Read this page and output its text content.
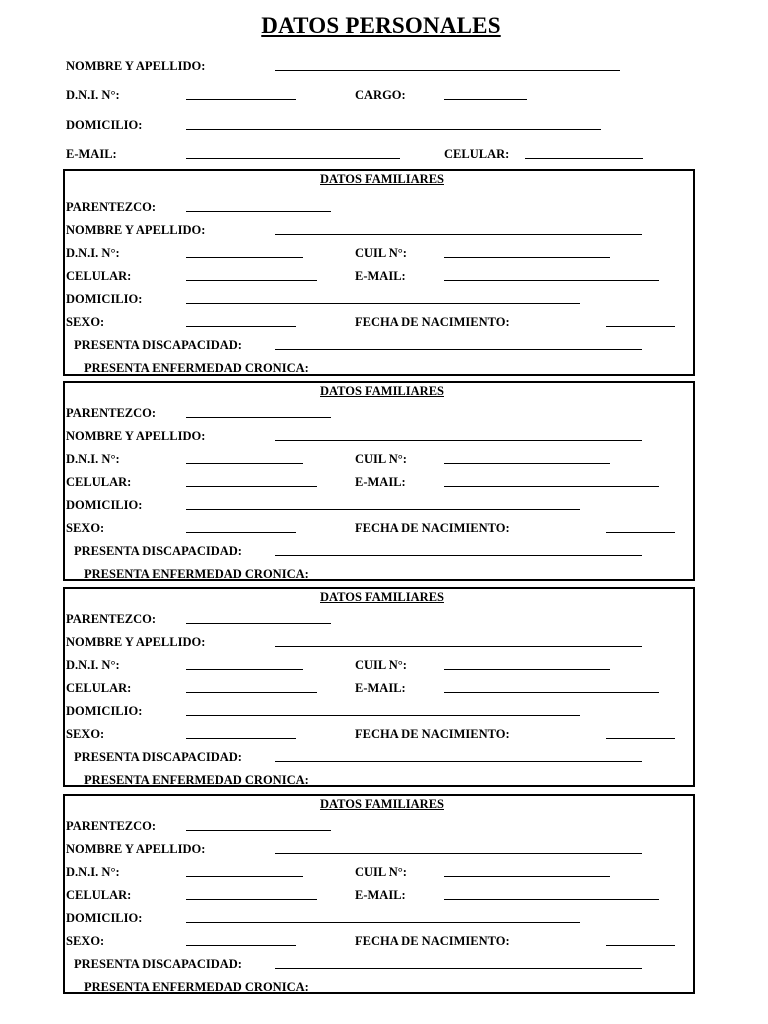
DATOS PERSONALES
NOMBRE Y APELLIDO:
D.N.I. N°:	CARGO:
DOMICILIO:
E-MAIL:	CELULAR:
DATOS FAMILIARES
PARENTEZCO:
NOMBRE Y APELLIDO:
D.N.I. N°:	CUIL N°:
CELULAR:	E-MAIL:
DOMICILIO:
SEXO:	FECHA DE NACIMIENTO:
PRESENTA DISCAPACIDAD:
PRESENTA ENFERMEDAD CRONICA:
DATOS FAMILIARES
PARENTEZCO:
NOMBRE Y APELLIDO:
D.N.I. N°:	CUIL N°:
CELULAR:	E-MAIL:
DOMICILIO:
SEXO:	FECHA DE NACIMIENTO:
PRESENTA DISCAPACIDAD:
PRESENTA ENFERMEDAD CRONICA:
DATOS FAMILIARES
PARENTEZCO:
NOMBRE Y APELLIDO:
D.N.I. N°:	CUIL N°:
CELULAR:	E-MAIL:
DOMICILIO:
SEXO:	FECHA DE NACIMIENTO:
PRESENTA DISCAPACIDAD:
PRESENTA ENFERMEDAD CRONICA:
DATOS FAMILIARES
PARENTEZCO:
NOMBRE Y APELLIDO:
D.N.I. N°:	CUIL N°:
CELULAR:	E-MAIL:
DOMICILIO:
SEXO:	FECHA DE NACIMIENTO:
PRESENTA DISCAPACIDAD:
PRESENTA ENFERMEDAD CRONICA:
